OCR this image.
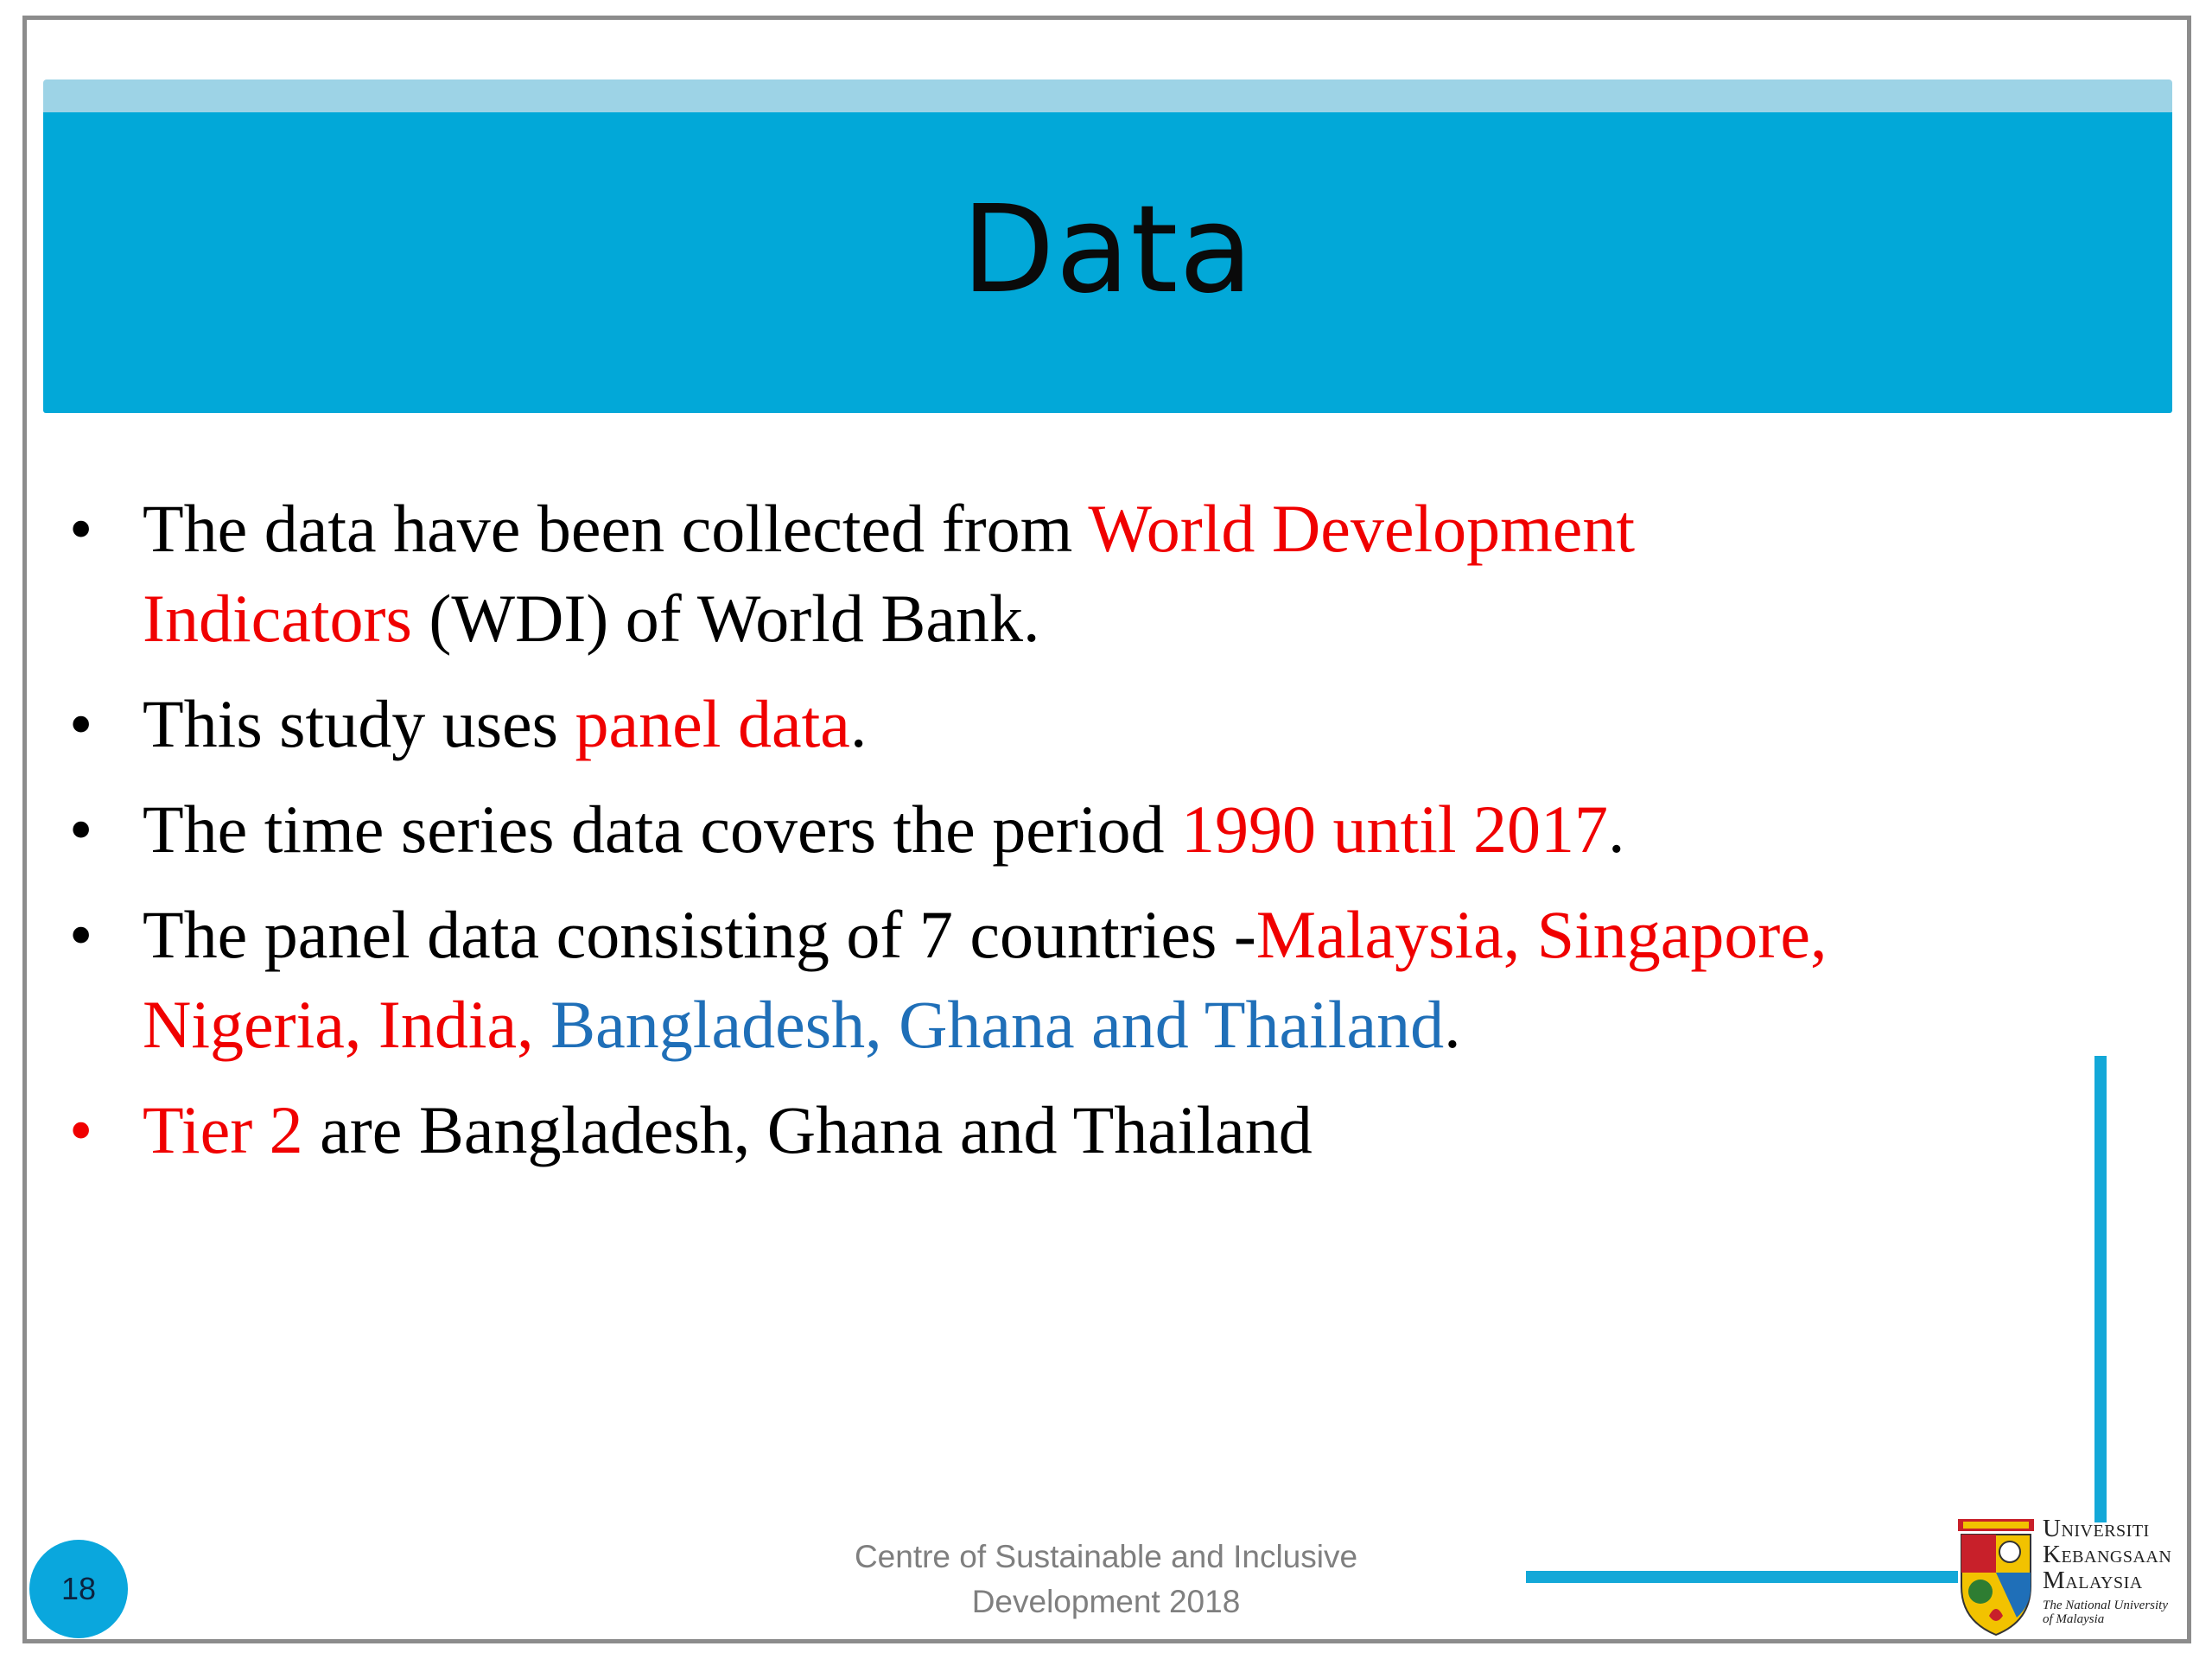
Data
• The data have been collected from World Development
Indicators (WDI) of World Bank.
• This study uses panel data.
• The time series data covers the period 1990 until 2017.
• The panel data consisting of 7 countries -Malaysia, Singapore,
Nigeria, India, Bangladesh, Ghana and Thailand.
• Tier 2 are Bangladesh, Ghana and Thailand
18
Centre of Sustainable and Inclusive
Development 2018
Universiti
Kebangsaan
Malaysia
The National University
of Malaysia
